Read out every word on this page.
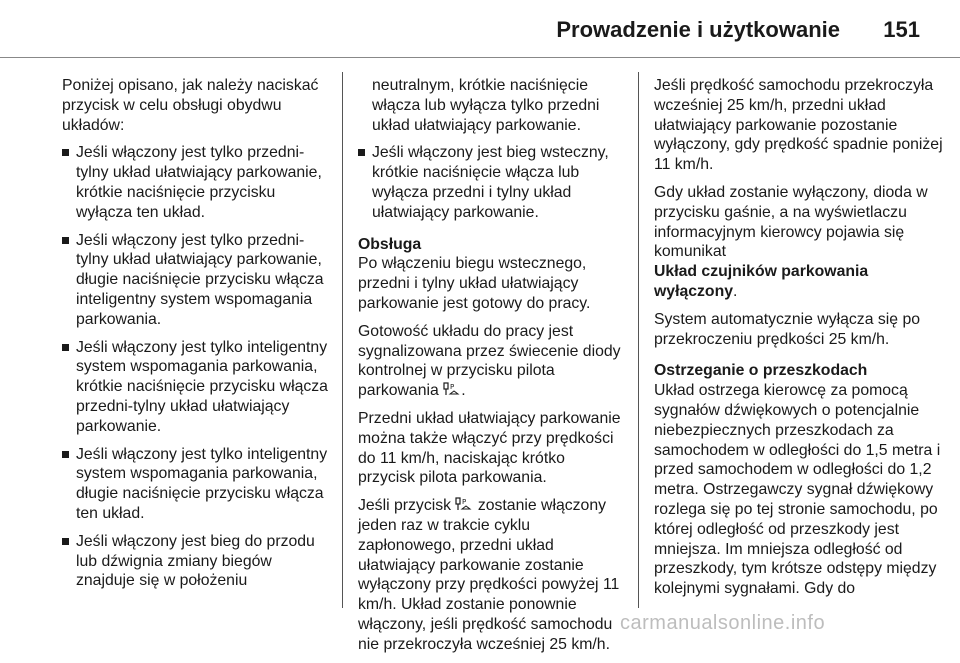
Prowadzenie i użytkowanie 151

Poniżej opisano, jak należy naciskać przycisk w celu obsługi obydwu układów:

Jeśli włączony jest tylko przedni-tylny układ ułatwiający parkowanie, krótkie naciśnięcie przycisku wyłącza ten układ.
Jeśli włączony jest tylko przedni-tylny układ ułatwiający parkowanie, długie naciśnięcie przycisku włącza inteligentny system wspomagania parkowania.
Jeśli włączony jest tylko inteligentny system wspomagania parkowania, krótkie naciśnięcie przycisku włącza przedni-tylny układ ułatwiający parkowanie.
Jeśli włączony jest tylko inteligentny system wspomagania parkowania, długie naciśnięcie przycisku włącza ten układ.
Jeśli włączony jest bieg do przodu lub dźwignia zmiany biegów znajduje się w położeniu

neutralnym, krótkie naciśnięcie włącza lub wyłącza tylko przedni układ ułatwiający parkowanie.

Jeśli włączony jest bieg wsteczny, krótkie naciśnięcie włącza lub wyłącza przedni i tylny układ ułatwiający parkowanie.

Obsługa

Po włączeniu biegu wstecznego, przedni i tylny układ ułatwiający parkowanie jest gotowy do pracy.

Gotowość układu do pracy jest sygnalizowana przez świecenie diody kontrolnej w przycisku pilota parkowania P .

Przedni układ ułatwiający parkowanie można także włączyć przy prędkości do 11 km/h, naciskając krótko przycisk pilota parkowania.

Jeśli przycisk P zostanie włączony jeden raz w trakcie cyklu zapłonowego, przedni układ ułatwiający parkowanie zostanie wyłączony przy prędkości powyżej 11 km/h. Układ zostanie ponownie włączony, jeśli prędkość samochodu nie przekroczyła wcześniej 25 km/h.

Jeśli prędkość samochodu przekroczyła wcześniej 25 km/h, przedni układ ułatwiający parkowanie pozostanie wyłączony, gdy prędkość spadnie poniżej 11 km/h.

Gdy układ zostanie wyłączony, dioda w przycisku gaśnie, a na wyświetlaczu informacyjnym kierowcy pojawia się komunikat
Układ czujników parkowania wyłączony.

System automatycznie wyłącza się po przekroczeniu prędkości 25 km/h.

Ostrzeganie o przeszkodach

Układ ostrzega kierowcę za pomocą sygnałów dźwiękowych o potencjalnie niebezpiecznych przeszkodach za samochodem w odległości do 1,5 metra i przed samochodem w odległości do 1,2 metra. Ostrzegawczy sygnał dźwiękowy rozlega się po tej stronie samochodu, po której odległość od przeszkody jest mniejsza. Im mniejsza odległość od przeszkody, tym krótsze odstępy między kolejnymi sygnałami. Gdy do

carmanualsonline.info
